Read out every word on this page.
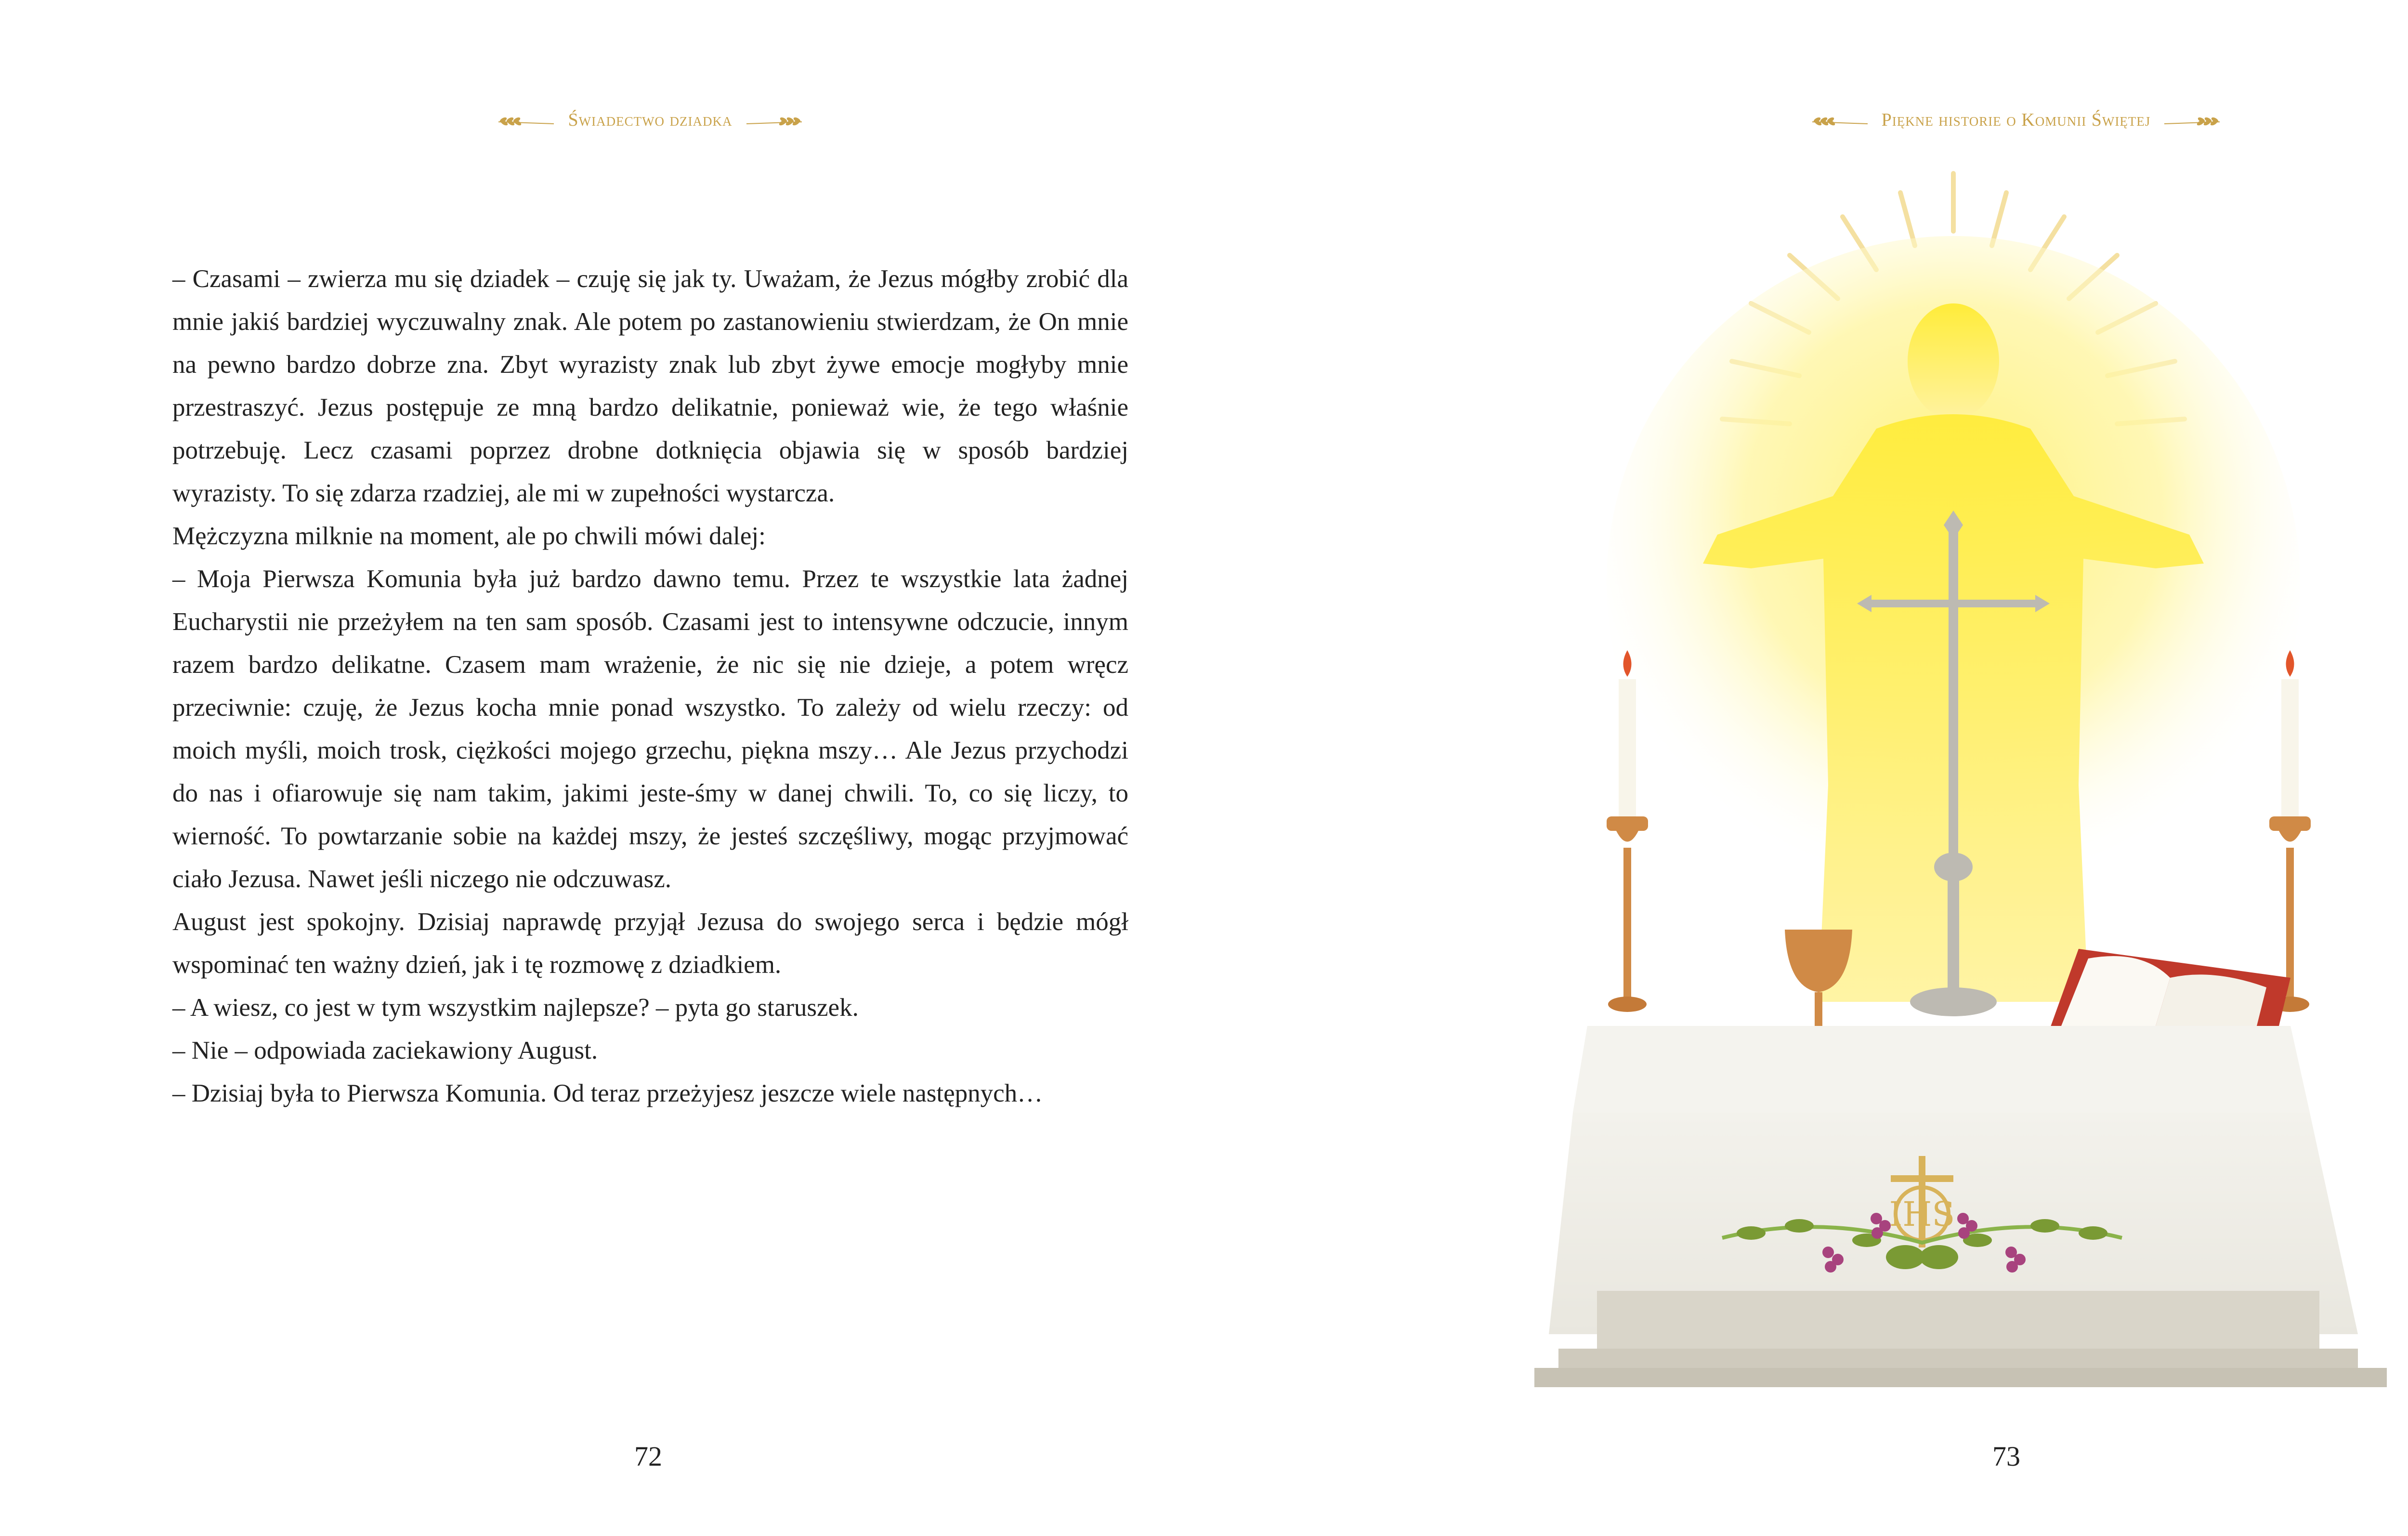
Świadectwo dziadka

– Czasami – zwierza mu się dziadek – czuję się jak ty. Uważam, że Jezus mógłby zrobić dla mnie jakiś bardziej wyczuwalny znak. Ale potem po zastanowieniu stwierdzam, że On mnie na pewno bardzo dobrze zna. Zbyt wyrazisty znak lub zbyt żywe emocje mogłyby mnie przestraszyć. Jezus postępuje ze mną bardzo delikatnie, ponieważ wie, że tego właśnie potrzebuję. Lecz czasami poprzez drobne dotknięcia objawia się w sposób bardziej wyrazisty. To się zdarza rzadziej, ale mi w zupełności wystarcza.

Mężczyzna milknie na moment, ale po chwili mówi dalej:

– Moja Pierwsza Komunia była już bardzo dawno temu. Przez te wszystkie lata żadnej Eucharystii nie przeżyłem na ten sam sposób. Czasami jest to intensywne odczucie, innym razem bardzo delikatne. Czasem mam wrażenie, że nic się nie dzieje, a potem wręcz przeciwnie: czuję, że Jezus kocha mnie ponad wszystko. To zależy od wielu rzeczy: od moich myśli, moich trosk, ciężkości mojego grzechu, piękna mszy… Ale Jezus przychodzi do nas i ofiarowuje się nam takim, jakimi jeste-śmy w danej chwili. To, co się liczy, to wierność. To powtarzanie sobie na każdej mszy, że jesteś szczęśliwy, mogąc przyjmować ciało Jezusa. Nawet jeśli niczego nie odczuwasz.

August jest spokojny. Dzisiaj naprawdę przyjął Jezusa do swojego serca i będzie mógł wspominać ten ważny dzień, jak i tę rozmowę z dziadkiem.

– A wiesz, co jest w tym wszystkim najlepsze? – pyta go staruszek.

– Nie – odpowiada zaciekawiony August.

– Dzisiaj była to Pierwsza Komunia. Od teraz przeżyjesz jeszcze wiele następnych…

72
Piękne historie o Komunii Świętej
IHS
73
